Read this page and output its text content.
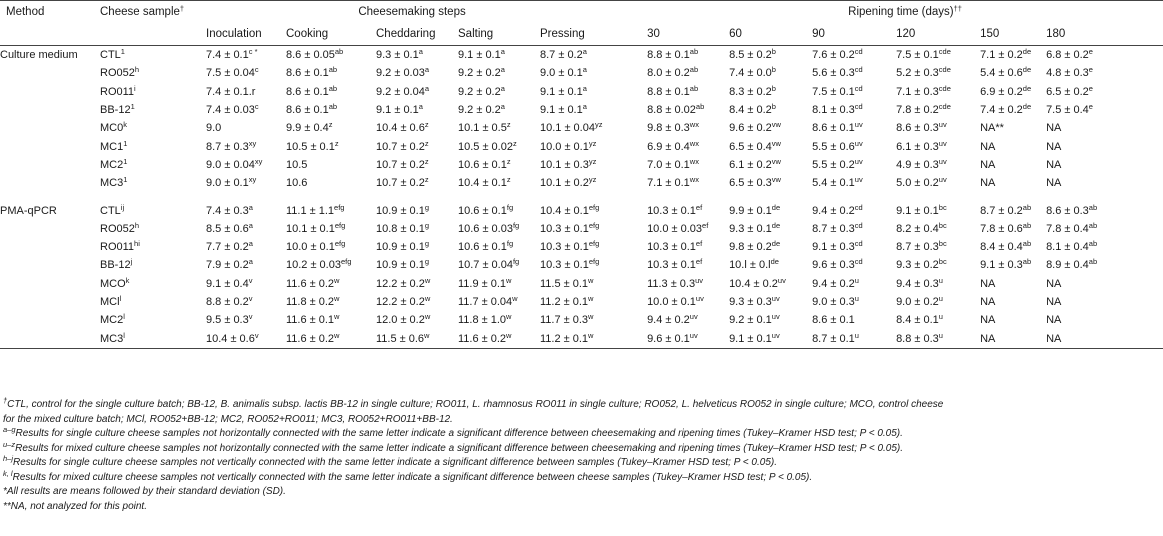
Method	Cheese sample†	Cheesemaking steps						Ripening time (days)††
		Inoculation	Cooking	Cheddaring	Salting	Pressing		30	60	90	120	150	180
Culture medium	CTL$^1$	$7.4 \pm 0.1^{c *}$	8.6 ± 0.05$^{ab}$	9.3 ± 0.1$^a$	9.1 ± 0.1$^a$	8.7 ± 0.2$^a$		8.8 ± 0.1$^{ab}$	8.5 ± 0.2$^b$	7.6 ± 0.2$^{cd}$	7.5 ± 0.1$^{cde}$	7.1 ± 0.2de	6.8 ± 0.2$^e$
	RO052$^h$	7.5 ± 0.04$^c$	8.6 ± 0.1$^{ab}$	9.2 ± 0.03$^a$	9.2 ± 0.2$^a$	9.0 ± 0.1$^a$		8.0 ± 0.2$^{ab}$	7.4 ± 0.0$^b$	5.6 ± 0.3$^{cd}$	5.2 ± 0.3$^{cde}$	5.4 ± 0.6de	4.8 ± 0.3$^e$
	RO011$^i$	7.4 ± 0.1.r	8.6 ± 0.1$^{ab}$	9.2 ± 0.04$^a$	9.2 ± 0.2$^a$	9.1 ± 0.1$^a$		8.8 ± 0.1$^{ab}$	8.3 ± 0.2$^b$	7.5 ± 0.1$^{cd}$	7.1 ± 0.3$^{cde}$	6.9 ± 0.2de	6.5 ± 0.2$^e$
	$BB-12^1$	7.4 ± 0.03$^c$	8.6 ± 0.1$^{ab}$	9.1 ± 0.1$^a$	9.2 ± 0.2$^a$	9.1 ± 0.1$^a$		8.8 ± 0.02$^{ab}$	8.4 ± 0.2$^b$	8.1 ± 0.3$^{cd}$	7.8 ± 0.2$^{cde}$	7.4 ± 0.2de	7.5 ± 0.4$^e$
	MC0$^k$	9.0	$9.9 \pm 0.4^z$	$10.4 \pm 0.6^z$	$10.1 \pm 0.5^z$	$10.1 \pm 0.04^{yz}$		$9.8 \pm 0.3^{wx}$	$9.6 \pm 0.2^{vw}$	$8.6 \pm 0.1^{uv}$	$8.6 \pm 0.3^{uv}$	NA**	NA
	$MC1^1$	$8.7 \pm 0.3^{xy}$	$10.5 \pm 0.1^z$	$10.7 \pm 0.2^z$	$10.5 \pm 0.02^z$	$10.0 \pm 0.1^{yz}$		$6.9 \pm 0.4^{wx}$	$6.5 \pm 0.4^{vw}$	$5.5 \pm 0.6^{uv}$	$6.1 \pm 0.3^{uv}$	NA	NA
	$MC2^1$	$9.0 \pm 0.04^{xy}$	10.5	$10.7 \pm 0.2^z$	$10.6 \pm 0.1^z$	$10.1 \pm 0.3^{yz}$		$7.0 \pm 0.1^{wx}$	$6.1 \pm 0.2^{vw}$	$5.5 \pm 0.2^{uv}$	$4.9 \pm 0.3^{uv}$	NA	NA
	$MC3^1$	$9.0 \pm 0.1^{xy}$	10.6	$10.7 \pm 0.2^z$	$10.4 \pm 0.1^z$	$10.1 \pm 0.2^{yz}$		$7.1 \pm 0.1^{wx}$	$6.5 \pm 0.3^{vw}$	$5.4 \pm 0.1^{uv}$	$5.0 \pm 0.2^{uv}$	NA	NA

PMA-qPCR	$CTL^{ij}$	7.4 ± 0.3$^a$	11.1 ± 1.1$^{efg}$	10.9 ± 0.1$^g$	10.6 ± 0.1$^{fg}$	10.4 ± 0.1$^{efg}$		10.3 ± 0.1$^{ef}$	9.9 ± 0.1de	9.4 ± 0.2$^{cd}$	9.1 ± 0.1$^{bc}$	8.7 ± 0.2$^{ab}$	8.6 ± 0.3$^{ab}$
	RO052$^h$	8.5 ± 0.6$^a$	10.1 ± 0.1$^{efg}$	10.8 ± 0.1$^g$	10.6 ± 0.03$^{fg}$	10.3 ± 0.1$^{efg}$		10.0 ± 0.03$^{ef}$	9.3 ± 0.1de	8.7 ± 0.3$^{cd}$	8.2 ± 0.4$^{bc}$	7.8 ± 0.6$^{ab}$	7.8 ± 0.4$^{ab}$
	$RO011^{hi}$	7.7 ± 0.2$^a$	10.0 ± 0.1$^{efg}$	10.9 ± 0.1$^g$	10.6 ± 0.1$^{fg}$	10.3 ± 0.1$^{efg}$		10.3 ± 0.1$^{ef}$	9.8 ± 0.2de	9.1 ± 0.3$^{cd}$	8.7 ± 0.3$^{bc}$	8.4 ± 0.4$^{ab}$	8.1 ± 0.4$^{ab}$
	BB-12$^j$	7.9 ± 0.2$^a$	10.2 ± 0.03$^{efg}$	10.9 ± 0.1$^g$	10.7 ± 0.04$^{fg}$	10.3 ± 0.1$^{efg}$		10.3 ± 0.1$^{ef}$	$10.l \pm 0.l^{de}$	9.6 ± 0.3$^{cd}$	9.3 ± 0.2$^{bc}$	9.1 ± 0.3$^{ab}$	8.9 ± 0.4$^{ab}$
	MCO$^k$	$9.1 \pm 0.4^v$	$11.6 \pm 0.2^w$	$12.2 \pm 0.2^w$	$11.9 \pm 0.1^w$	$11.5 \pm 0.1^w$		$11.3 \pm 0.3^{uv}$	$10.4 \pm 0.2^{uv}$	$9.4 \pm 0.2^u$	$9.4 \pm 0.3^u$	NA	NA
	MCl$^l$	$8.8 \pm 0.2^v$	$11.8 \pm 0.2^w$	$12.2 \pm 0.2^w$	$11.7 \pm 0.04^w$	$11.2 \pm 0.1^w$		$10.0 \pm 0.1^{uv}$	$9.3 \pm 0.3^{uv}$	$9.0 \pm 0.3^u$	$9.0 \pm 0.2^u$	NA	NA
	MC2$^l$	$9.5 \pm 0.3^v$	$11.6 \pm 0.1^w$	$12.0 \pm 0.2^w$	$11.8 \pm 1.0^w$	$11.7 \pm 0.3^w$		$9.4 \pm 0.2^{uv}$	$9.2 \pm 0.1^{uv}$	8.6 ± 0.1	$8.4 \pm 0.1^u$	NA	NA
	MC3$^l$	$10.4 \pm 0.6^v$	$11.6 \pm 0.2^w$	$11.5 \pm 0.6^w$	$11.6 \pm 0.2^w$	$11.2 \pm 0.1^w$		$9.6 \pm 0.1^{uv}$	$9.1 \pm 0.1^{uv}$	$8.7 \pm 0.1^u$	$8.8 \pm 0.3^u$	NA	NA
†CTL, control for the single culture batch; BB-12, B. animalis subsp. lactis BB-12 in single culture; RO011, L. rhamnosus RO011 in single culture; RO052, L. helveticus RO052 in single culture; MCO, control cheese
for the mixed culture batch; MCl, RO052+BB-12; MC2, RO052+RO011; MC3, RO052+RO011+BB-12.
$^{a-g}$Results for single culture cheese samples not horizontally connected with the same letter indicate a significant difference between cheesemaking and ripening times (Tukey–Kramer HSD test; P < 0.05).
$^{u-z}$Results for mixed culture cheese samples not horizontally connected with the same letter indicate a significant difference between cheesemaking and ripening times (Tukey–Kramer HSD test; P < 0.05).
$^{h-j}$Results for single culture cheese samples not vertically connected with the same letter indicate a significant difference between samples (Tukey–Kramer HSD test; P < 0.05).
$^{k, l}$Results for mixed culture cheese samples not vertically connected with the same letter indicate a significant difference between cheese samples (Tukey–Kramer HSD test; P < 0.05).
*All results are means followed by their standard deviation (SD).
**NA, not analyzed for this point.
